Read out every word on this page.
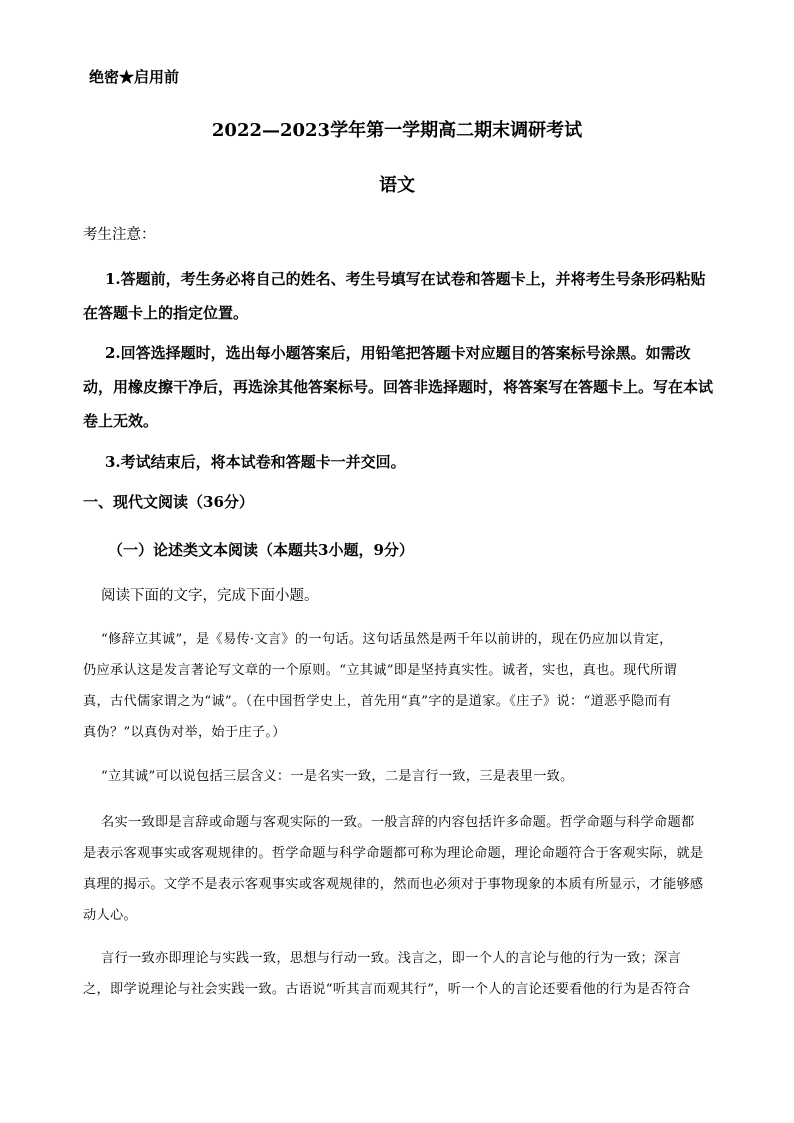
绝密★启用前

2022—2023学年第一学期高二期末调研考试

语文

考生注意：

1.答题前，考生务必将自己的姓名、考生号填写在试卷和答题卡上，并将考生号条形码粘贴在答题卡上的指定位置。

2.回答选择题时，选出每小题答案后，用铅笔把答题卡对应题目的答案标号涂黑。如需改动，用橡皮擦干净后，再选涂其他答案标号。回答非选择题时，将答案写在答题卡上。写在本试卷上无效。

3.考试结束后，将本试卷和答题卡一并交回。

一、现代文阅读（36分）

（一）论述类文本阅读（本题共3小题，9分）

阅读下面的文字，完成下面小题。

“修辞立其诚”，是《易传·文言》的一句话。这句话虽然是两千年以前讲的，现在仍应加以肯定，

仍应承认这是发言著论写文章的一个原则。“立其诚”即是坚持真实性。诚者，实也，真也。现代所谓

真，古代儒家谓之为“诚”。（在中国哲学史上，首先用“真”字的是道家。《庄子》说：“道恶乎隐而有

真伪？”以真伪对举，始于庄子。）

“立其诚”可以说包括三层含义：一是名实一致，二是言行一致，三是表里一致。

名实一致即是言辞或命题与客观实际的一致。一般言辞的内容包括许多命题。哲学命题与科学命题都

是表示客观事实或客观规律的。哲学命题与科学命题都可称为理论命题，理论命题符合于客观实际，就是

真理的揭示。文学不是表示客观事实或客观规律的，然而也必须对于事物现象的本质有所显示，才能够感

动人心。

言行一致亦即理论与实践一致，思想与行动一致。浅言之，即一个人的言论与他的行为一致；深言

之，即学说理论与社会实践一致。古语说“听其言而观其行”，听一个人的言论还要看他的行为是否符合
